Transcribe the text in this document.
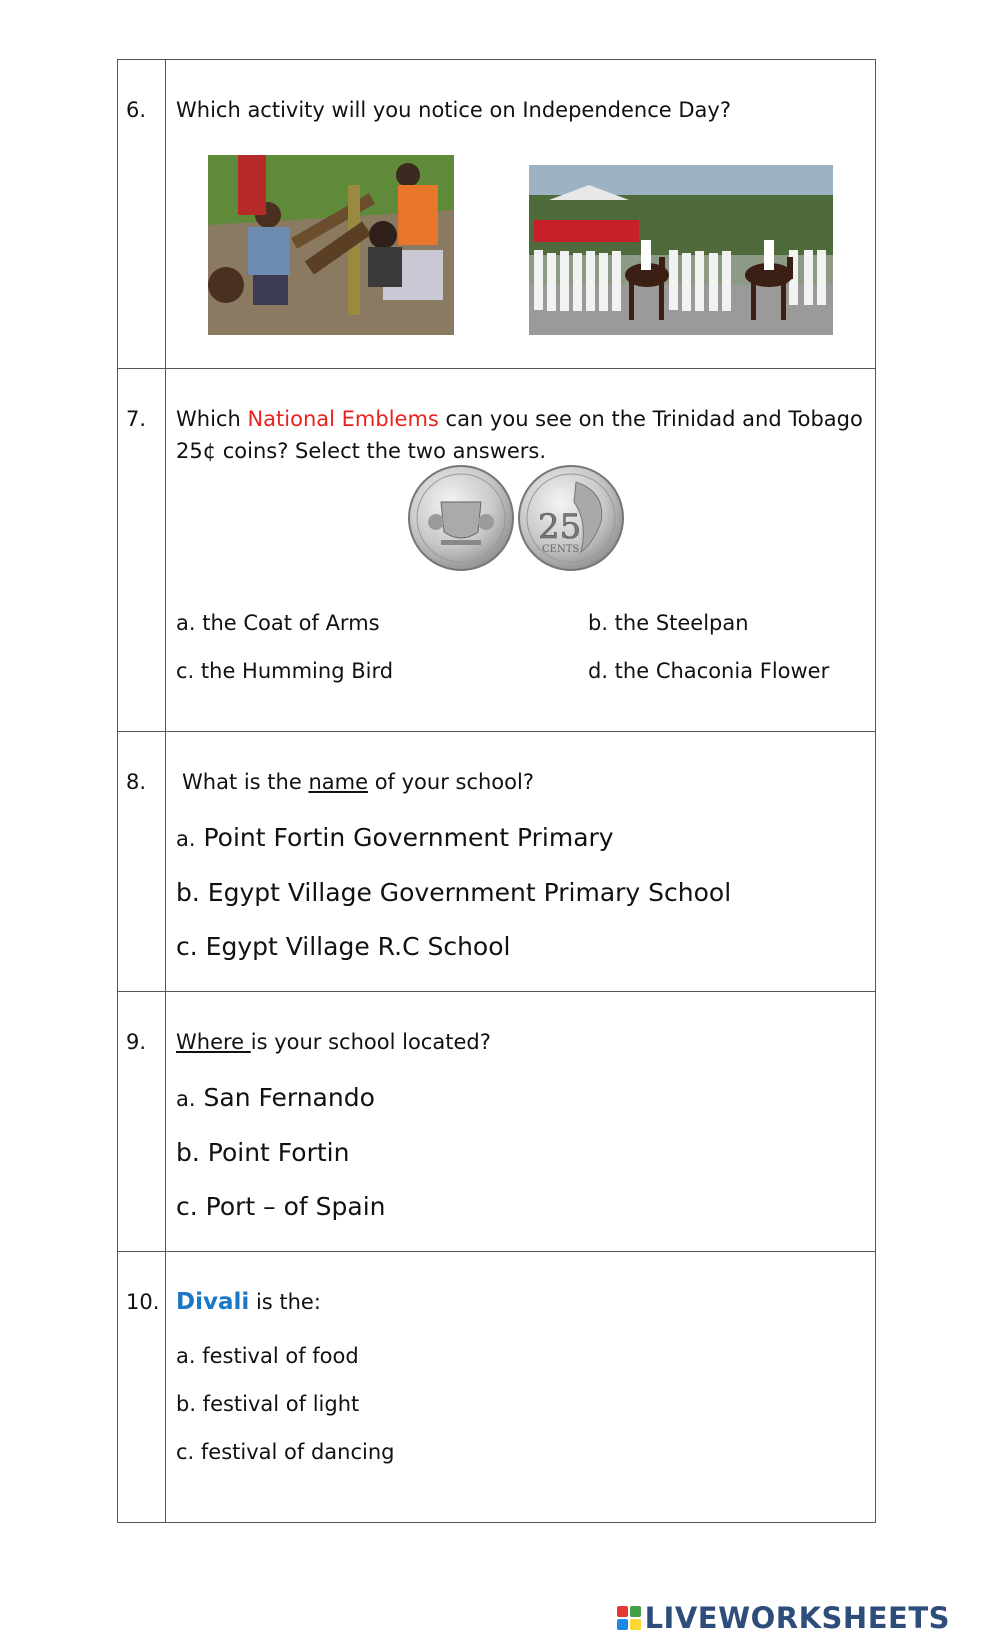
6.	Which activity will you notice on Independence Day?
7.	Which National Emblems can you see on the Trinidad and Tobago 25¢ coins? Select the two answers.
25
CENTS
a. the Coat of Arms	b. the Steelpan
c. the Humming Bird	d. the Chaconia Flower
8.	What is the name of your school?
a. Point Fortin Government Primary
b. Egypt Village Government Primary School
c. Egypt Village R.C School
9.	Where is your school located?
a. San Fernando
b. Point Fortin
c. Port – of Spain
10. Divali is the:
a. festival of food
b. festival of light
c. festival of dancing
LIVEWORKSHEETS
